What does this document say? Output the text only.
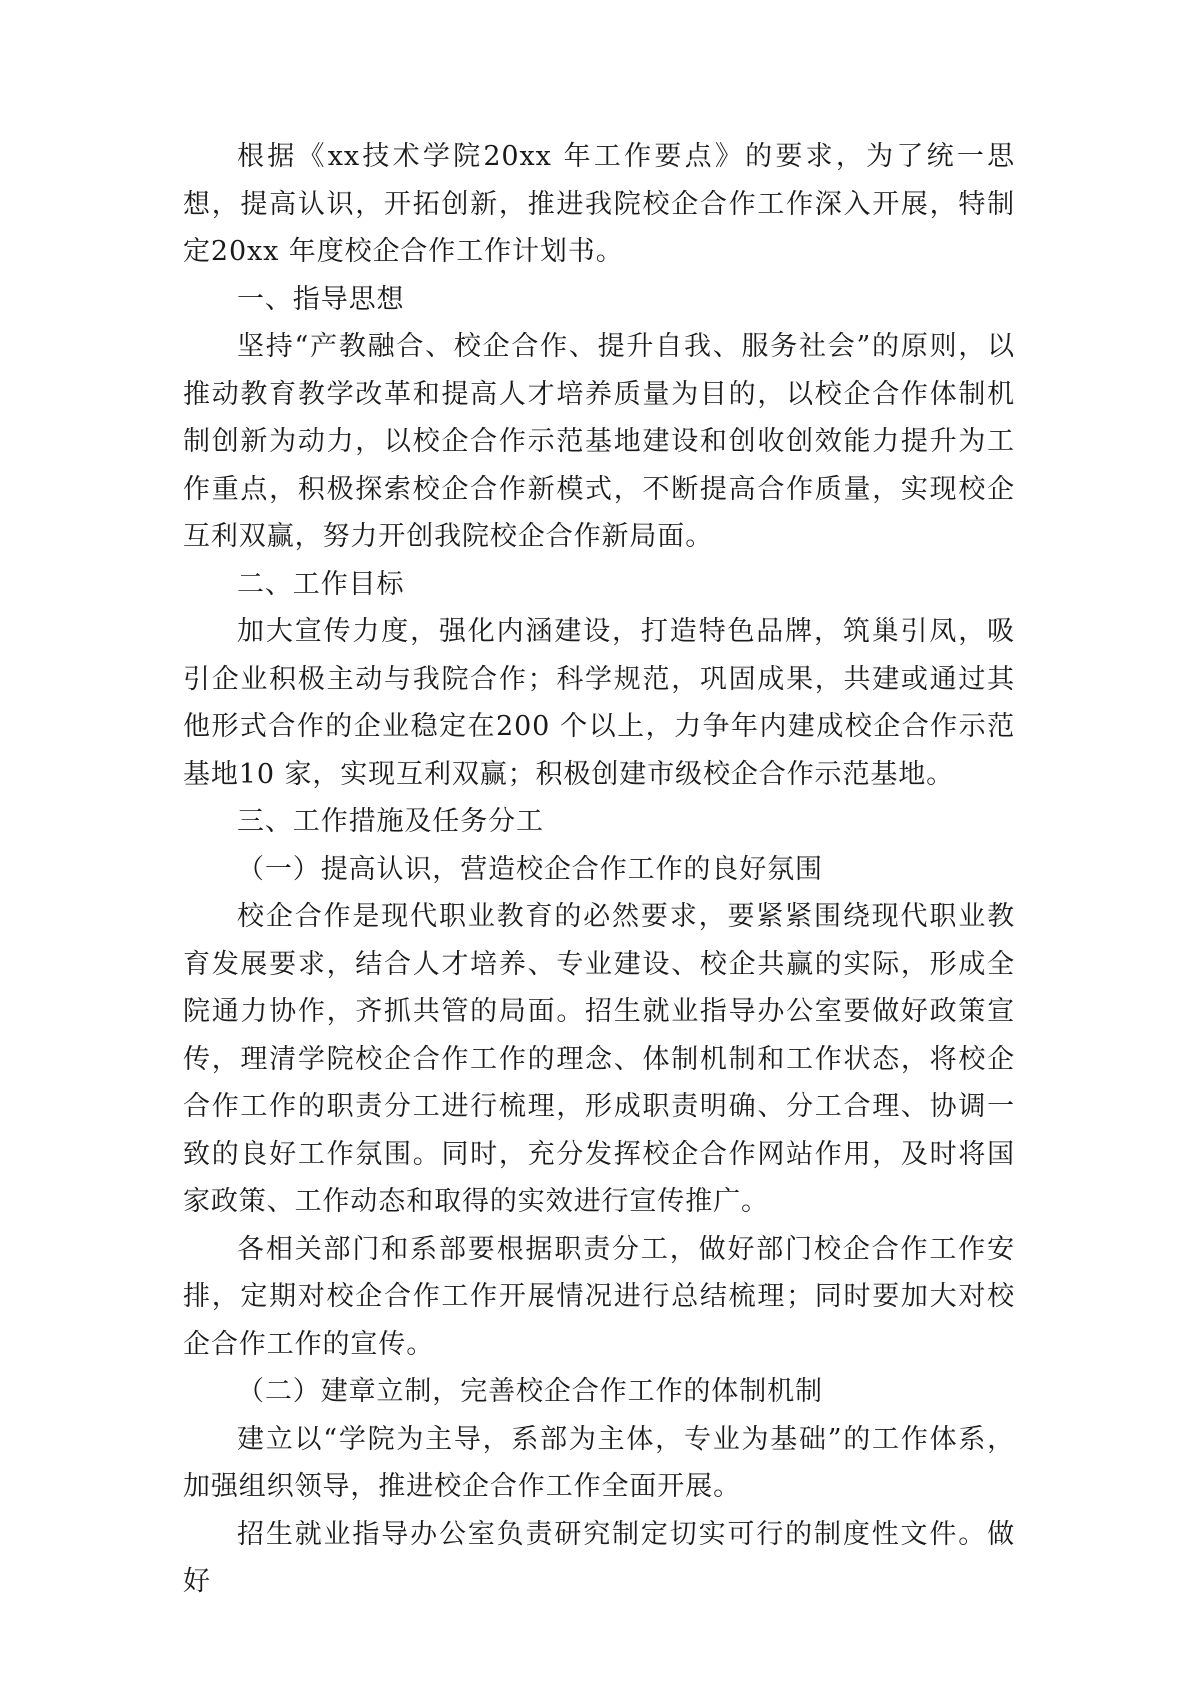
根据《xx技术学院20xx 年工作要点》的要求，为了统一思想，提高认识，开拓创新，推进我院校企合作工作深入开展，特制定20xx 年度校企合作工作计划书。

一、指导思想

坚持“产教融合、校企合作、提升自我、服务社会”的原则，以推动教育教学改革和提高人才培养质量为目的，以校企合作体制机制创新为动力，以校企合作示范基地建设和创收创效能力提升为工作重点，积极探索校企合作新模式，不断提高合作质量，实现校企互利双赢，努力开创我院校企合作新局面。

二、工作目标

加大宣传力度，强化内涵建设，打造特色品牌，筑巢引凤，吸引企业积极主动与我院合作；科学规范，巩固成果，共建或通过其他形式合作的企业稳定在200 个以上，力争年内建成校企合作示范基地10 家，实现互利双赢；积极创建市级校企合作示范基地。

三、工作措施及任务分工

（一）提高认识，营造校企合作工作的良好氛围

校企合作是现代职业教育的必然要求，要紧紧围绕现代职业教育发展要求，结合人才培养、专业建设、校企共赢的实际，形成全院通力协作，齐抓共管的局面。招生就业指导办公室要做好政策宣传，理清学院校企合作工作的理念、体制机制和工作状态，将校企合作工作的职责分工进行梳理，形成职责明确、分工合理、协调一致的良好工作氛围。同时，充分发挥校企合作网站作用，及时将国家政策、工作动态和取得的实效进行宣传推广。

各相关部门和系部要根据职责分工，做好部门校企合作工作安排，定期对校企合作工作开展情况进行总结梳理；同时要加大对校企合作工作的宣传。

（二）建章立制，完善校企合作工作的体制机制

建立以“学院为主导，系部为主体，专业为基础”的工作体系，加强组织领导，推进校企合作工作全面开展。

招生就业指导办公室负责研究制定切实可行的制度性文件。做好
